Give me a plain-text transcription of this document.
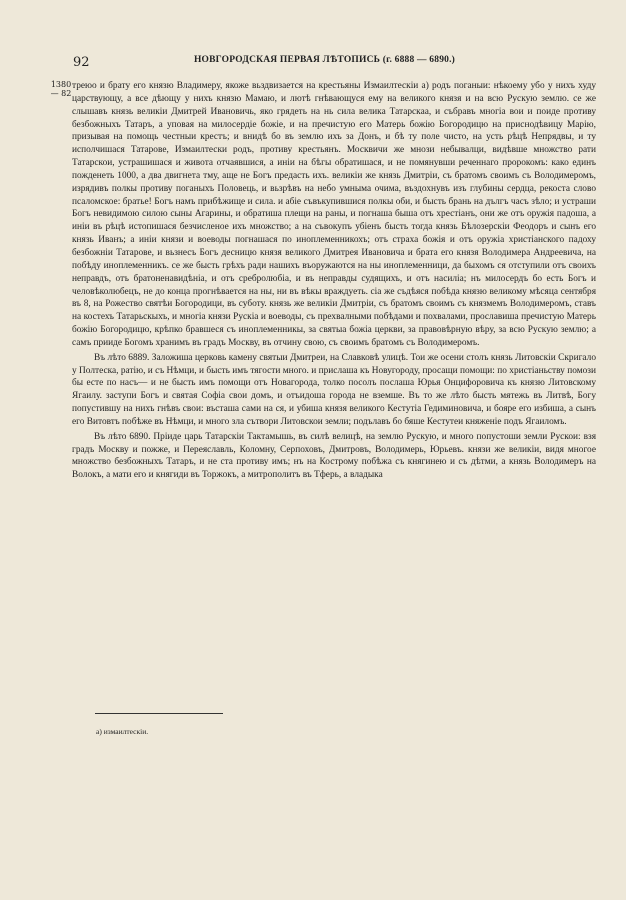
92	НОВГОРОДСКАЯ ПЕРВАЯ ЛѢТОПИСЬ (г. 6888 — 6890.)
1380 — 82

треюо и брату его князю Владимеру, якоже вьздвизается на крестьяны Измаилтескiи а) родъ поганыи: нѣкоему убо у нихъ худу царствующу, а все дѣющу у нихъ князю Мамаю, и лютѣ гнѣвающуся ему на великого князя и на всю Рускую землю. се же слышавъ князь великiи Дмитрей Ивановичь, яко грядеть на нь сила велика Татарскаа, и събравъ многiа вои и поиде противу безбожныхъ Татаръ, а уповая на милосердiе божiе, и на пречистую его Матерь божiю Богородицю на приснодѣвицу Марiю, призывая на помощь честныи крестъ; и внидѣ бо въ землю ихъ за Донъ, и бѣ ту поле чисто, на усть рѣцѣ Непрядвы, и ту исполчишася Татарове, Измаилтески родъ, противу крестьянъ. Москвичи же мнози небывалци, видѣвше множство рати Татарскои, устрашишася и живота отчаявшися, а инiи на бѣгы обратишася, и не помянувши реченнаго пророкомъ: како единъ пожденеть 1000, а два двигнета тму, аще не Богъ предасть ихъ. великiи же князь Дмитрiи, съ братомъ своимъ съ Володимеромъ, изрядивъ полкы противу поганыхъ Половець, и вьзрѣвъ на небо умныма очима, въздохнувъ изъ глубины сердца, рекоста слово псаломское: братье! Богъ намъ прибѣжище и сила. и абiе съвъкупившися полкы оби, и бысть брань на дългъ часъ зѣло; и устраши Богъ невидимою силою сыны Агарины, и обратиша плещи на раны, и погнаша быша отъ хрестiанъ, они же отъ оружiя падоша, а инiи въ рѣцѣ истопишася безчисленое ихъ множство; а на съвокупъ убiенъ бысть тогда князь Бѣлозерскiи Феодоръ и сынъ его князь Иванъ; а инiи князи и воеводы погнашася по иноплеменникохъ; отъ страха божiя и отъ оружiа христiанского падоху безбожнiи Татарове, и вьзнесъ Богъ десницю князя великого Дмитрея Ивановича и брата его князя Володимера Андреевича, на побѣду иноплеменникъ. се же бысть грѣхъ ради нашихъ въоружаются на ны иноплеменници, да быхомъ ся отступили отъ своихъ неправдъ, отъ братоненавидѣнiа, и отъ сребролюбiа, и въ неправды судящихъ, и отъ насилiа; нъ милосердъ бо есть Богъ и человѣколюбецъ, не до конца прогнѣвается на ны, ни въ вѣкы враждуеть. сiа же съдѣяся побѣда князю великому мѣсяца сентября въ 8, на Рожество святѣи Богородици, въ суботу. князь же великiи Дмитрiи, съ братомъ своимъ съ князмемъ Володимеромъ, ставъ на костехъ Татарьскыхъ, и многiа князи Рускiа и воеводы, съ прехвалными побѣдами и похвалами, прославиша пречистую Матерь божiю Богородицю, крѣпко бравшеся съ иноплеменникы, за святыа божiа церкви, за правовѣрную вѣру, за всю Рускую землю; а самъ прииде Богомъ хранимъ въ градъ Москву, въ отчину свою, съ своимъ братомъ съ Володимеромъ.

Въ лѣто 6889. Заложиша церковь камену святыи Дмитреи, на Славковѣ улицѣ. Тои же осени столъ князь Литовскiи Скригало у Полтеска, ратiю, и съ Нѣмци, и бысть имъ тягости много. и прислаша къ Новугороду, просащи помощи: по христiаньству помози бы есте по насъ— и не бысть имъ помощи отъ Новагорода, толко посолъ послаша Юрья Онцифоровича къ князю Литовскому Ягаилу. заступи Богъ и святая Софiа свои домъ, и отъидоша города не вземше. Въ то же лѣто бысть мятежь въ Литвѣ, Богу попустившу на нихъ гнѣвъ свои: въсташа сами на ся, и убиша князя великого Кестутiа Гедиминовича, и бояре его избиша, а сынъ его Витовтъ побѣже въ Нѣмци, и много зла сътвори Литовскои земли; подълавъ бо бяше Кестутеи княженiе подъ Ягаиломъ.

Въ лѣто 6890. Прiиде царь Татарскiи Тактамышь, въ силѣ велицѣ, на землю Рускую, и много попустоши земли Рускои: взя градъ Москву и пожже, и Переяславль, Коломну, Серпоховъ, Дмитровъ, Володимерь, Юрьевъ. князи же великiи, видя многое множство безбожныхъ Татаръ, и не ста противу имъ; нъ на Кострому побѣжа съ княгинею и съ дѣтми, а князь Володимеръ на Волокъ, а мати его и княгиди въ Торжокъ, а митрополитъ въ Тферь, а владыка

а) измаилтескiи.
